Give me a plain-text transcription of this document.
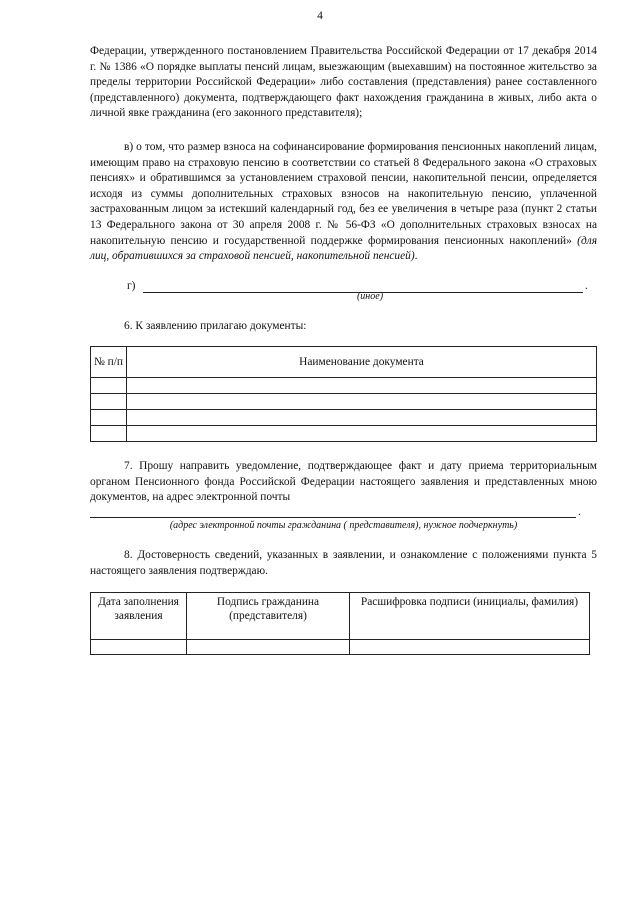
4

Федерации, утвержденного постановлением Правительства Российской Федерации от 17 декабря 2014 г. № 1386 «О порядке выплаты пенсий лицам, выезжающим (выехавшим) на постоянное жительство за пределы территории Российской Федерации» либо составления (представления) ранее составленного (представленного) документа, подтверждающего факт нахождения гражданина в живых, либо акта о личной явке гражданина (его законного представителя);

в) о том, что размер взноса на софинансирование формирования пенсионных накоплений лицам, имеющим право на страховую пенсию в соответствии со статьей 8 Федерального закона «О страховых пенсиях» и обратившимся за установлением страховой пенсии, накопительной пенсии, определяется исходя из суммы дополнительных страховых взносов на накопительную пенсию, уплаченной застрахованным лицом за истекший календарный год, без ее увеличения в четыре раза (пункт 2 статьи 13 Федерального закона от 30 апреля 2008 г. № 56-ФЗ «О дополнительных страховых взносах на накопительную пенсию и государственной поддержке формирования пенсионных накоплений» (для лиц, обратившихся за страховой пенсией, накопительной пенсией).

г)	.
(иное)
6. К заявлению прилагаю документы:
№ п/п	Наименование документа

7. Прошу направить уведомление, подтверждающее факт и дату приема территориальным органом Пенсионного фонда Российской Федерации настоящего заявления и представленных мною документов, на адрес электронной почты

.
(адрес электронной почты гражданина ( представителя), нужное подчеркнуть)

8. Достоверность сведений, указанных в заявлении, и ознакомление с положениями пункта 5 настоящего заявления подтверждаю.

Дата заполнения заявления	Подпись гражданина (представителя)	Расшифровка подписи (инициалы, фамилия)
